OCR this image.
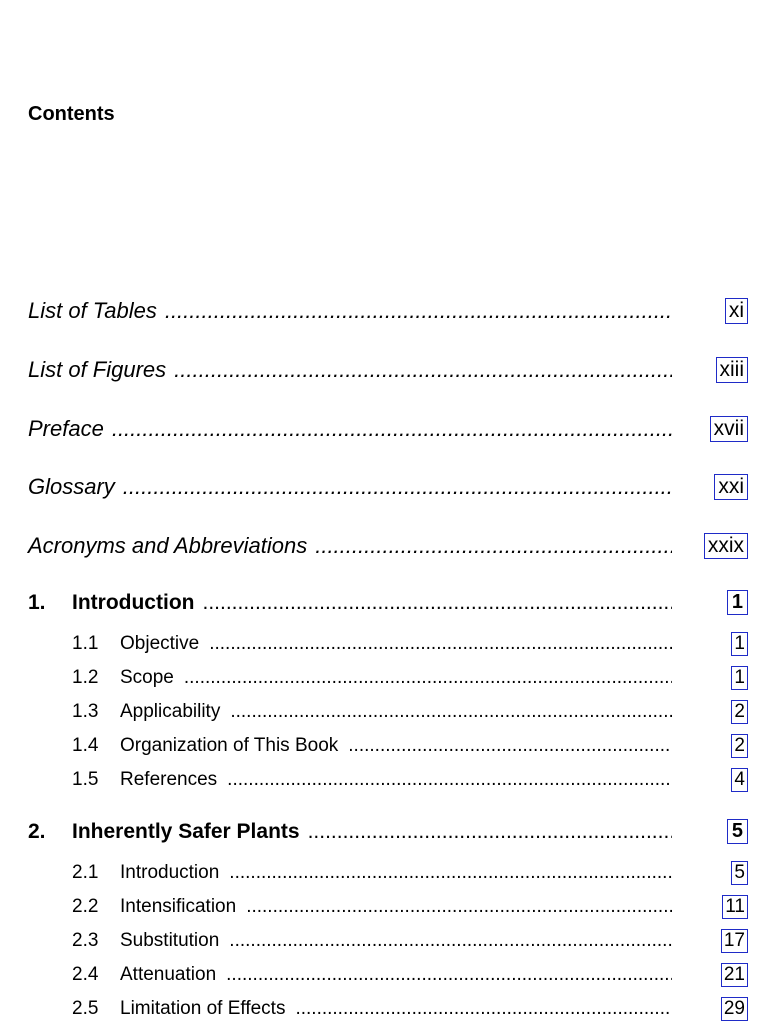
Contents
List of Tables .....	xi
List of Figures .....	xiii
Preface .....	xvii
Glossary .....	xxi
Acronyms and Abbreviations .....	xxix
1.	Introduction .....	1
1.1	Objective .....	1
1.2	Scope .....	1
1.3	Applicability .....	2
1.4	Organization of This Book .....	2
1.5	References .....	4
2.	Inherently Safer Plants .....	5
2.1	Introduction .....	5
2.2	Intensification .....	11
2.3	Substitution .....	17
2.4	Attenuation .....	21
2.5	Limitation of Effects .....	29
